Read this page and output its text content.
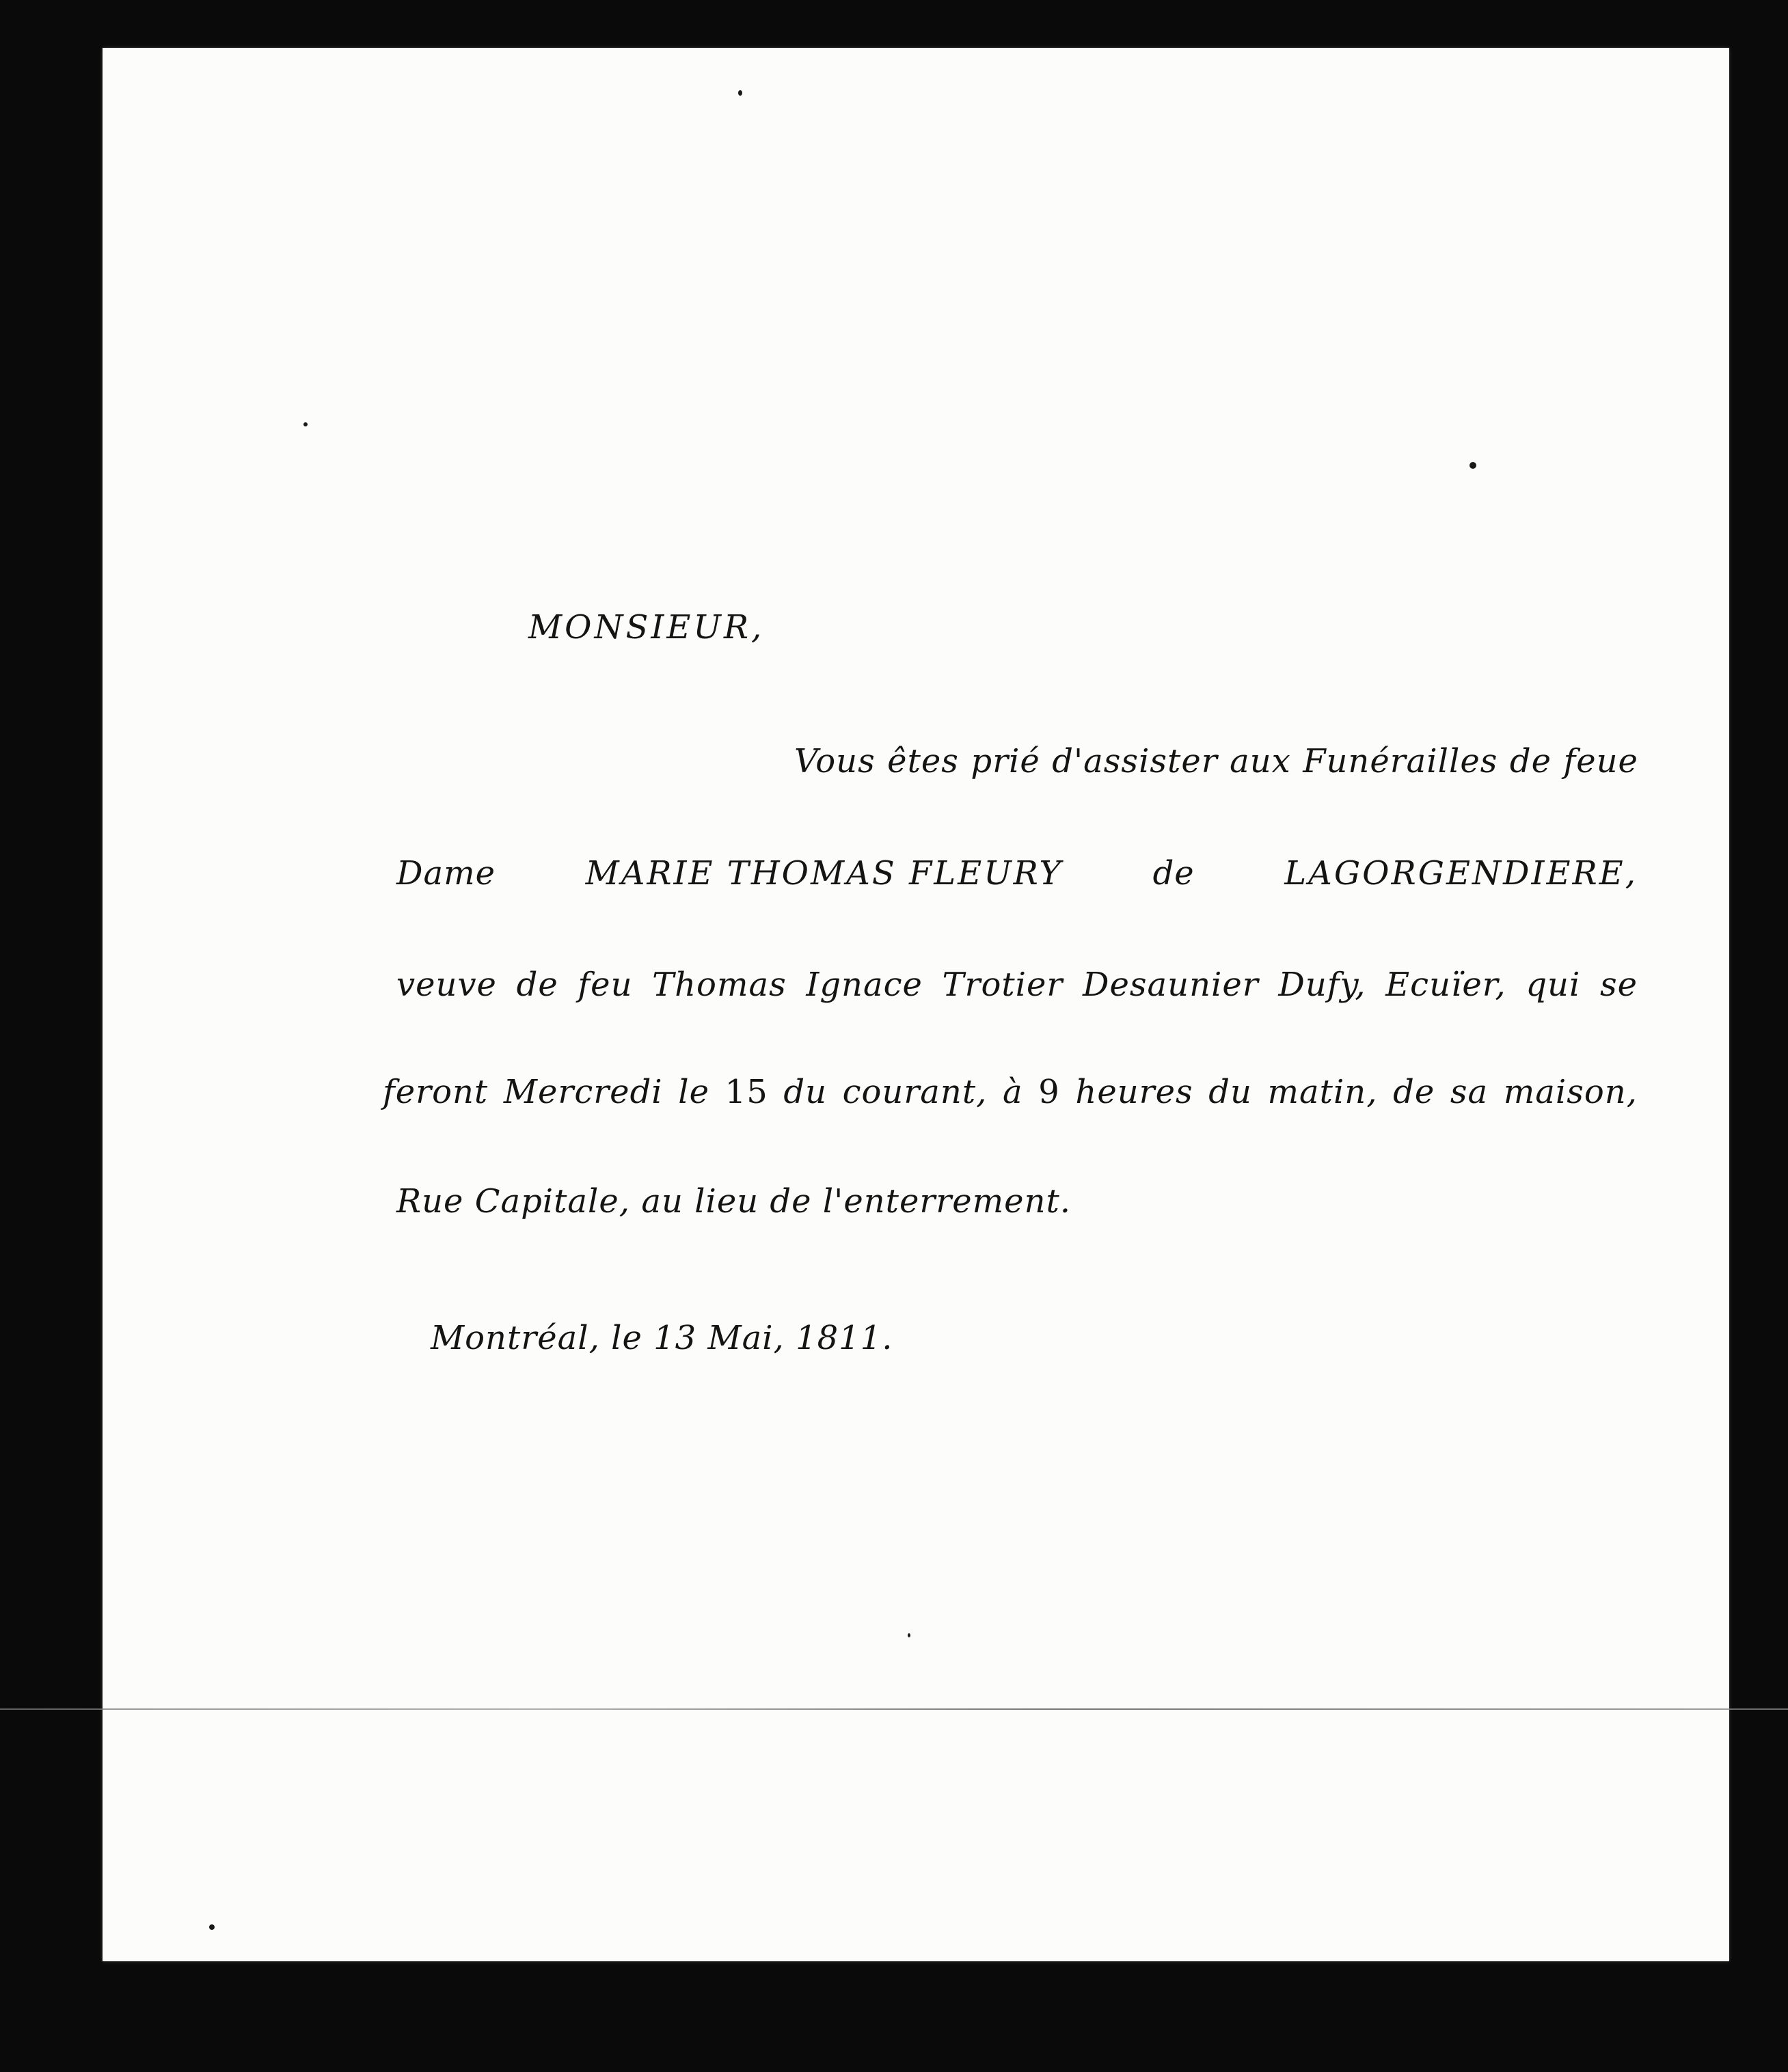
MONSIEUR,
Vous êtes prié d'assister aux Funérailles de feue
Dame	MARIE THOMAS FLEURY	de	LAGORGENDIERE,
veuve de feu Thomas Ignace Trotier Desaunier Dufy, Ecuïer, qui se
feront Mercredi le 15 du courant, à 9 heures du matin, de sa maison,
Rue Capitale, au lieu de l'enterrement.
Montréal, le 13 Mai, 1811.
